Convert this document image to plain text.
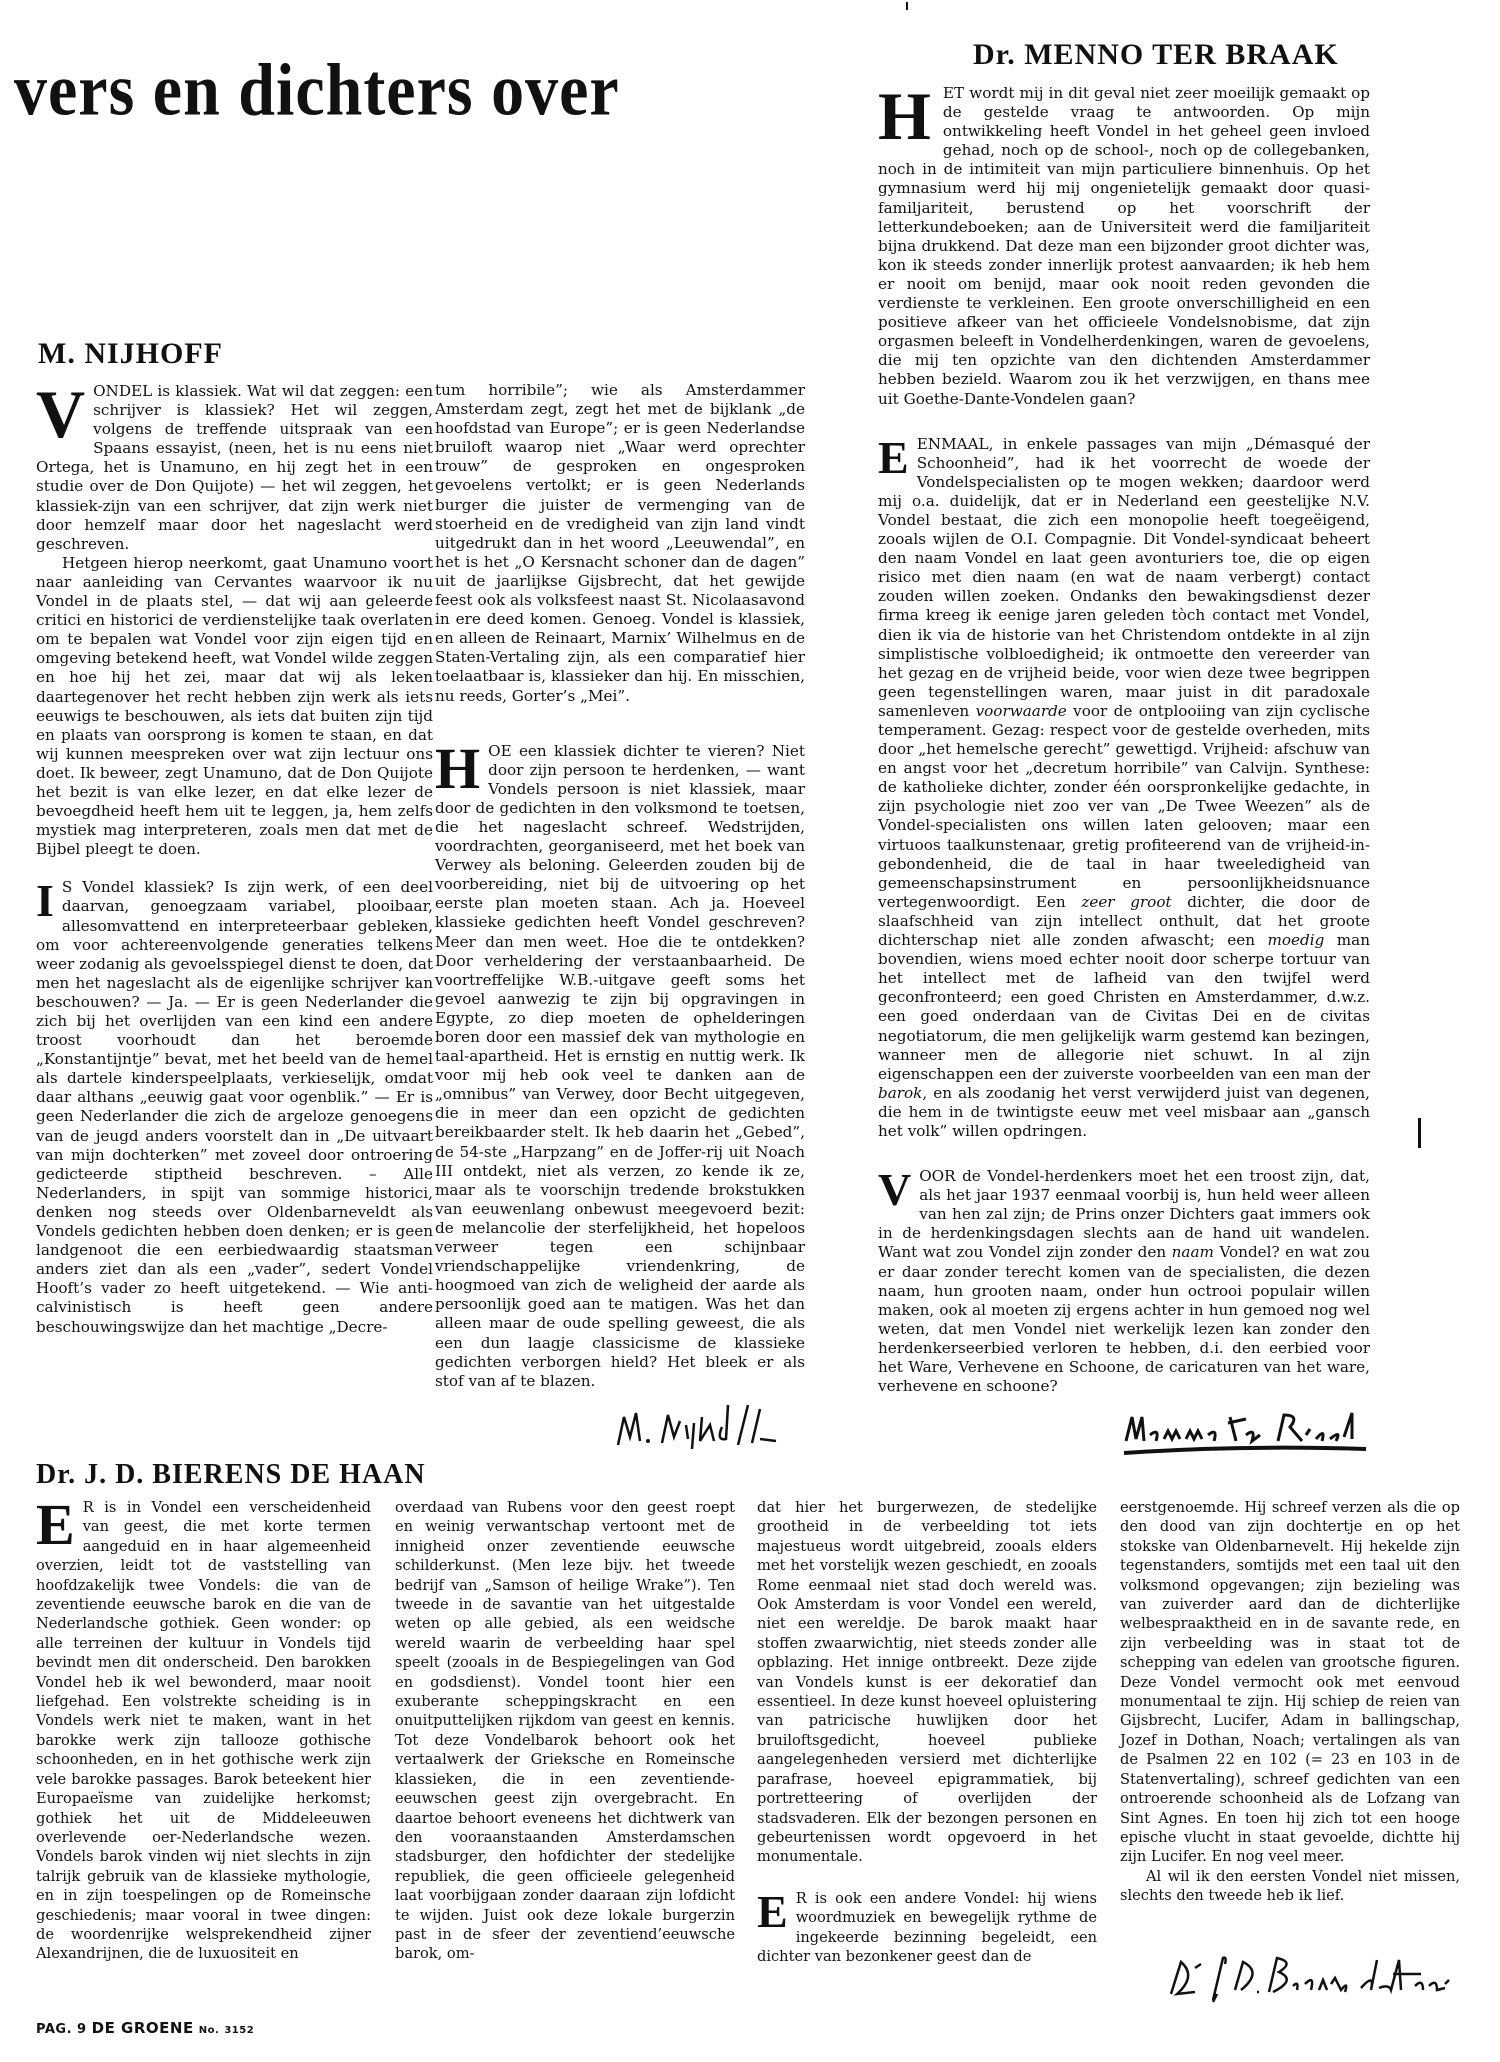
vers en dichters over
M. NIJHOFF

VONDEL is klassiek. Wat wil dat zeggen: een schrijver is klassiek? Het wil zeggen, volgens de treffende uitspraak van een Spaans essayist, (neen, het is nu eens niet Ortega, het is Unamuno, en hij zegt het in een studie over de Don Quijote) — het wil zeggen, het klassiek-zijn van een schrijver, dat zijn werk niet door hemzelf maar door het nageslacht werd geschreven.

Hetgeen hierop neerkomt, gaat Unamuno voort naar aanleiding van Cervantes waarvoor ik nu Vondel in de plaats stel, — dat wij aan geleerde critici en historici de verdienstelijke taak overlaten om te bepalen wat Vondel voor zijn eigen tijd en omgeving betekend heeft, wat Vondel wilde zeggen en hoe hij het zei, maar dat wij als leken daartegenover het recht hebben zijn werk als iets eeuwigs te beschouwen, als iets dat buiten zijn tijd en plaats van oorsprong is komen te staan, en dat wij kunnen meespreken over wat zijn lectuur ons doet. Ik beweer, zegt Unamuno, dat de Don Quijote het bezit is van elke lezer, en dat elke lezer de bevoegdheid heeft hem uit te leggen, ja, hem zelfs mystiek mag interpreteren, zoals men dat met de Bijbel pleegt te doen.

I S Vondel klassiek? Is zijn werk, of een deel daarvan, genoegzaam variabel, plooibaar, allesomvattend en interpreteerbaar gebleken, om voor achtereenvolgende generaties telkens weer zodanig als gevoelsspiegel dienst te doen, dat men het nageslacht als de eigenlijke schrijver kan beschouwen? — Ja. — Er is geen Nederlander die zich bij het overlijden van een kind een andere troost voorhoudt dan het beroemde „Konstantijntje” bevat, met het beeld van de hemel als dartele kinderspeelplaats, verkieselijk, omdat daar althans „eeuwig gaat voor ogenblik.” — Er is geen Nederlander die zich de argeloze genoegens van de jeugd anders voorstelt dan in „De uitvaart van mijn dochterken” met zoveel door ontroering gedicteerde stiptheid beschreven. – Alle Nederlanders, in spijt van sommige historici, denken nog steeds over Oldenbarneveldt als Vondels gedichten hebben doen denken; er is geen landgenoot die een eerbiedwaardig staatsman anders ziet dan als een „vader”, sedert Vondel Hooft’s vader zo heeft uitgetekend. — Wie anti-calvinistisch is heeft geen andere beschouwingswijze dan het machtige „Decre-

tum horribile”; wie als Amsterdammer Amsterdam zegt, zegt het met de bijklank „de hoofdstad van Europe”; er is geen Nederlandse bruiloft waarop niet „Waar werd oprechter trouw” de gesproken en ongesproken gevoelens vertolkt; er is geen Nederlands burger die juister de vermenging van de stoerheid en de vredigheid van zijn land vindt uitgedrukt dan in het woord „Leeuwendal”, en het is het „O Kersnacht schoner dan de dagen” uit de jaarlijkse Gijsbrecht, dat het gewijde feest ook als volksfeest naast St. Nicolaasavond in ere deed komen. Genoeg. Vondel is klassiek, en alleen de Reinaart, Marnix’ Wilhelmus en de Staten-Vertaling zijn, als een comparatief hier toelaatbaar is, klassieker dan hij. En misschien, nu reeds, Gorter’s „Mei”.

HOE een klassiek dichter te vieren? Niet door zijn persoon te herdenken, — want Vondels persoon is niet klassiek, maar door de gedichten in den volksmond te toetsen, die het nageslacht schreef. Wedstrijden, voordrachten, georganiseerd, met het boek van Verwey als beloning. Geleerden zouden bij de voorbereiding, niet bij de uitvoering op het eerste plan moeten staan. Ach ja. Hoeveel klassieke gedichten heeft Vondel geschreven? Meer dan men weet. Hoe die te ontdekken? Door verheldering der verstaanbaarheid. De voortreffelijke W.B.-uitgave geeft soms het gevoel aanwezig te zijn bij opgravingen in Egypte, zo diep moeten de ophelderingen boren door een massief dek van mythologie en taal-apartheid. Het is ernstig en nuttig werk. Ik voor mij heb ook veel te danken aan de „omnibus” van Verwey, door Becht uitgegeven, die in meer dan een opzicht de gedichten bereikbaarder stelt. Ik heb daarin het „Gebed”, de 54-ste „Harpzang” en de Joffer-rij uit Noach III ontdekt, niet als verzen, zo kende ik ze, maar als te voorschijn tredende brokstukken van eeuwenlang onbewust meegevoerd bezit: de melancolie der sterfelijkheid, het hopeloos verweer tegen een schijnbaar vriendschappelijke vriendenkring, de hoogmoed van zich de weligheid der aarde als persoonlijk goed aan te matigen. Was het dan alleen maar de oude spelling geweest, die als een dun laagje classicisme de klassieke gedichten verborgen hield? Het bleek er als stof van af te blazen.

Dr. MENNO TER BRAAK

HET wordt mij in dit geval niet zeer moeilijk gemaakt op de gestelde vraag te antwoorden. Op mijn ontwikkeling heeft Vondel in het geheel geen invloed gehad, noch op de school-, noch op de collegebanken, noch in de intimiteit van mijn particuliere binnenhuis. Op het gymnasium werd hij mij ongenietelijk gemaakt door quasi-familjariteit, berustend op het voorschrift der letterkundeboeken; aan de Universiteit werd die familjariteit bijna drukkend. Dat deze man een bijzonder groot dichter was, kon ik steeds zonder innerlijk protest aanvaarden; ik heb hem er nooit om benijd, maar ook nooit reden gevonden die verdienste te verkleinen. Een groote onverschilligheid en een positieve afkeer van het officieele Vondelsnobisme, dat zijn orgasmen beleeft in Vondelherdenkingen, waren de gevoelens, die mij ten opzichte van den dichtenden Amsterdammer hebben bezield. Waarom zou ik het verzwijgen, en thans mee uit Goethe-Dante-Vondelen gaan?

EENMAAL, in enkele passages van mijn „Démasqué der Schoonheid”, had ik het voorrecht de woede der Vondelspecialisten op te mogen wekken; daardoor werd mij o.a. duidelijk, dat er in Nederland een geestelijke N.V. Vondel bestaat, die zich een monopolie heeft toegeëigend, zooals wijlen de O.I. Compagnie. Dit Vondel-syndicaat beheert den naam Vondel en laat geen avonturiers toe, die op eigen risico met dien naam (en wat de naam verbergt) contact zouden willen zoeken. Ondanks den bewakingsdienst dezer firma kreeg ik eenige jaren geleden tòch contact met Vondel, dien ik via de historie van het Christendom ontdekte in al zijn simplistische volbloedigheid; ik ontmoette den vereerder van het gezag en de vrijheid beide, voor wien deze twee begrippen geen tegenstellingen waren, maar juist in dit paradoxale samenleven voorwaarde voor de ontplooiing van zijn cyclische temperament. Gezag: respect voor de gestelde overheden, mits door „het hemelsche gerecht” gewettigd. Vrijheid: afschuw van en angst voor het „decretum horribile” van Calvijn. Synthese: de katholieke dichter, zonder één oorspronkelijke gedachte, in zijn psychologie niet zoo ver van „De Twee Weezen” als de Vondel-specialisten ons willen laten gelooven; maar een virtuoos taalkunstenaar, gretig profiteerend van de vrijheid-in-gebondenheid, die de taal in haar tweeledigheid van gemeenschapsinstrument en persoonlijkheidsnuance vertegenwoordigt. Een zeer groot dichter, die door de slaafschheid van zijn intellect onthult, dat het groote dichterschap niet alle zonden afwascht; een moedig man bovendien, wiens moed echter nooit door scherpe tortuur van het intellect met de lafheid van den twijfel werd geconfronteerd; een goed Christen en Amsterdammer, d.w.z. een goed onderdaan van de Civitas Dei en de civitas negotiatorum, die men gelijkelijk warm gestemd kan bezingen, wanneer men de allegorie niet schuwt. In al zijn eigenschappen een der zuiverste voorbeelden van een man der barok, en als zoodanig het verst verwijderd juist van degenen, die hem in de twintigste eeuw met veel misbaar aan „gansch het volk” willen opdringen.

VOOR de Vondel-herdenkers moet het een troost zijn, dat, als het jaar 1937 eenmaal voorbij is, hun held weer alleen van hen zal zijn; de Prins onzer Dichters gaat immers ook in de herdenkingsdagen slechts aan de hand uit wandelen. Want wat zou Vondel zijn zonder den naam Vondel? en wat zou er daar zonder terecht komen van de specialisten, die dezen naam, hun grooten naam, onder hun octrooi populair willen maken, ook al moeten zij ergens achter in hun gemoed nog wel weten, dat men Vondel niet werkelijk lezen kan zonder den herdenkerseerbied verloren te hebben, d.i. den eerbied voor het Ware, Verhevene en Schoone, de caricaturen van het ware, verhevene en schoone?

Dr. J. D. BIERENS DE HAAN

E R is in Vondel een verscheidenheid van geest, die met korte termen aangeduid en in haar algemeenheid overzien, leidt tot de vaststelling van hoofdzakelijk twee Vondels: die van de zeventiende eeuwsche barok en die van de Nederlandsche gothiek. Geen wonder: op alle terreinen der kultuur in Vondels tijd bevindt men dit onderscheid. Den barokken Vondel heb ik wel bewonderd, maar nooit liefgehad. Een volstrekte scheiding is in Vondels werk niet te maken, want in het barokke werk zijn tallooze gothische schoonheden, en in het gothische werk zijn vele barokke passages. Barok beteekent hier Europaeïsme van zuidelijke herkomst; gothiek het uit de Middeleeuwen overlevende oer-Nederlandsche wezen. Vondels barok vinden wij niet slechts in zijn talrijk gebruik van de klassieke mythologie, en in zijn toespelingen op de Romeinsche geschiedenis; maar vooral in twee dingen: de woordenrijke welsprekendheid zijner Alexandrijnen, die de luxuositeit en

overdaad van Rubens voor den geest roept en weinig verwantschap vertoont met de innigheid onzer zeventiende eeuwsche schilderkunst. (Men leze bijv. het tweede bedrijf van „Samson of heilige Wrake”). Ten tweede in de savantie van het uitgestalde weten op alle gebied, als een weidsche wereld waarin de verbeelding haar spel speelt (zooals in de Bespiegelingen van God en godsdienst). Vondel toont hier een exuberante scheppingskracht en een onuitputtelijken rijkdom van geest en kennis. Tot deze Vondelbarok behoort ook het vertaalwerk der Grieksche en Romeinsche klassieken, die in een zeventiende-eeuwschen geest zijn overgebracht. En daartoe behoort eveneens het dichtwerk van den vooraanstaanden Amsterdamschen stadsburger, den hofdichter der stedelijke republiek, die geen officieele gelegenheid laat voorbijgaan zonder daaraan zijn lofdicht te wijden. Juist ook deze lokale burgerzin past in de sfeer der zeventiend’eeuwsche barok, om-

dat hier het burgerwezen, de stedelijke grootheid in de verbeelding tot iets majestueus wordt uitgebreid, zooals elders met het vorstelijk wezen geschiedt, en zooals Rome eenmaal niet stad doch wereld was. Ook Amsterdam is voor Vondel een wereld, niet een wereldje. De barok maakt haar stoffen zwaarwichtig, niet steeds zonder alle opblazing. Het innige ontbreekt. Deze zijde van Vondels kunst is eer dekoratief dan essentieel. In deze kunst hoeveel opluistering van patricische huwlijken door het bruiloftsgedicht, hoeveel publieke aangelegenheden versierd met dichterlijke parafrase, hoeveel epigrammatiek, bij portretteering of overlijden der stadsvaderen. Elk der bezongen personen en gebeurtenissen wordt opgevoerd in het monumentale.

E R is ook een andere Vondel: hij wiens woordmuziek en bewegelijk rythme de ingekeerde bezinning begeleidt, een dichter van bezonkener geest dan de

eerstgenoemde. Hij schreef verzen als die op den dood van zijn dochtertje en op het stokske van Oldenbarnevelt. Hij hekelde zijn tegenstanders, somtijds met een taal uit den volksmond opgevangen; zijn bezieling was van zuiverder aard dan de dichterlijke welbespraaktheid en in de savante rede, en zijn verbeelding was in staat tot de schepping van edelen van grootsche figuren. Deze Vondel vermocht ook met eenvoud monumentaal te zijn. Hij schiep de reien van Gijsbrecht, Lucifer, Adam in ballingschap, Jozef in Dothan, Noach; vertalingen als van de Psalmen 22 en 102 (= 23 en 103 in de Statenvertaling), schreef gedichten van een ontroerende schoonheid als de Lofzang van Sint Agnes. En toen hij zich tot een hooge epische vlucht in staat gevoelde, dichtte hij zijn Lucifer. En nog veel meer.

Al wil ik den eersten Vondel niet missen, slechts den tweede heb ik lief.

PAG. 9 DE GROENE No. 3152
